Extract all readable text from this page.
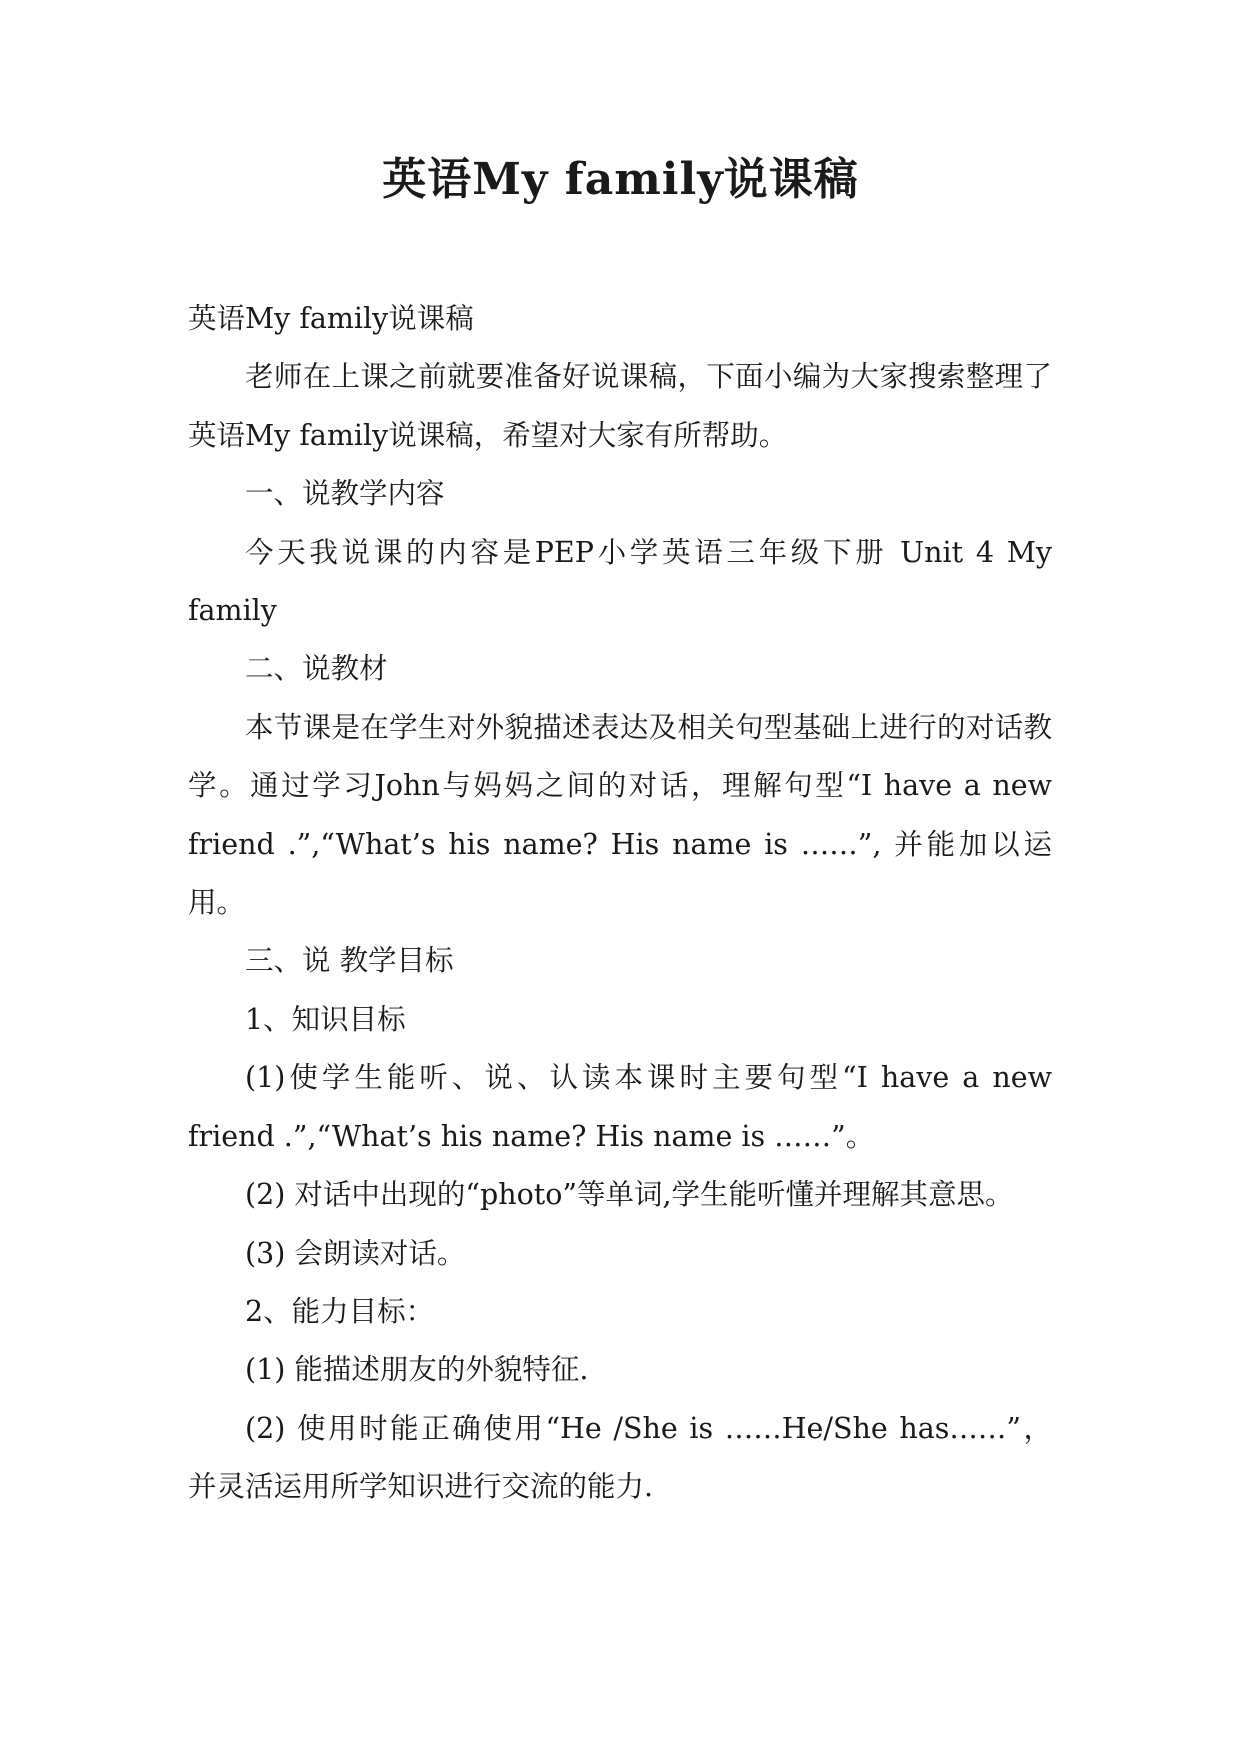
英语My family说课稿

英语My family说课稿

老师在上课之前就要准备好说课稿，下面小编为大家搜索整理了英语My family说课稿，希望对大家有所帮助。

一、说教学内容

今天我说课的内容是PEP小学英语三年级下册 Unit 4 My family

二、说教材

本节课是在学生对外貌描述表达及相关句型基础上进行的对话教学。通过学习John与妈妈之间的对话，理解句型“I have a new friend .”,“What’s his name? His name is ……”, 并能加以运用。

三、说 教学目标

1、知识目标

(1)使学生能听、说、认读本课时主要句型“I have a new friend .”,“What’s his name? His name is ……”。

(2) 对话中出现的“photo”等单词,学生能听懂并理解其意思。

(3) 会朗读对话。

2、能力目标：

(1) 能描述朋友的外貌特征.

(2) 使用时能正确使用“He /She is ……He/She has……”， 并灵活运用所学知识进行交流的能力.
